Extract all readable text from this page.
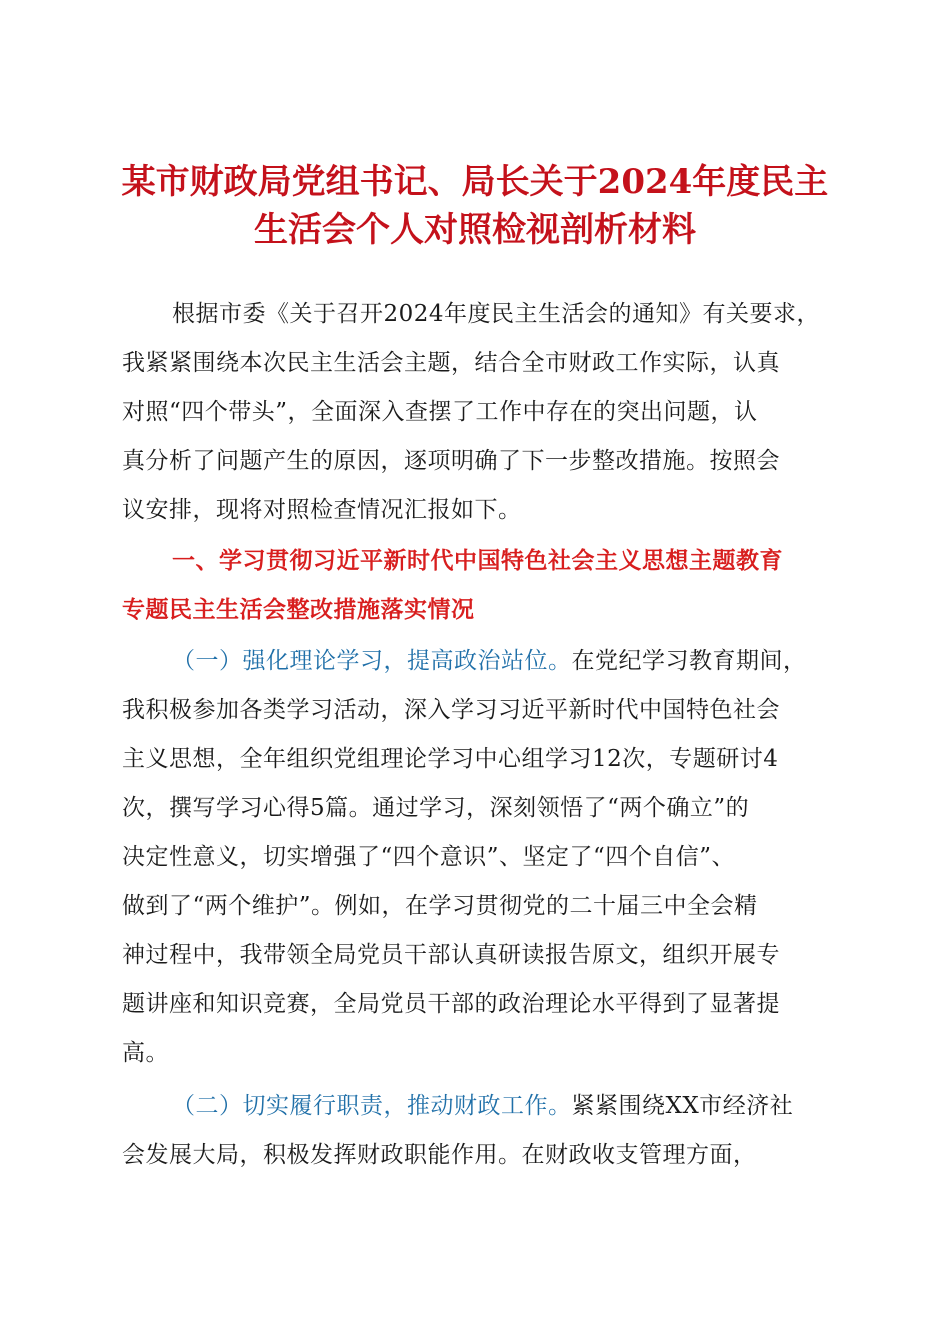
某市财政局党组书记、局长关于2024年度民主
生活会个人对照检视剖析材料
根据市委《关于召开2024年度民主生活会的通知》有关要求，
我紧紧围绕本次民主生活会主题，结合全市财政工作实际，认真
对照“四个带头”，全面深入查摆了工作中存在的突出问题，认
真分析了问题产生的原因，逐项明确了下一步整改措施。按照会
议安排，现将对照检查情况汇报如下。
一、学习贯彻习近平新时代中国特色社会主义思想主题教育
专题民主生活会整改措施落实情况
（一）强化理论学习，提高政治站位。在党纪学习教育期间，
我积极参加各类学习活动，深入学习习近平新时代中国特色社会
主义思想，全年组织党组理论学习中心组学习12次，专题研讨4
次，撰写学习心得5篇。通过学习，深刻领悟了“两个确立”的
决定性意义，切实增强了“四个意识”、坚定了“四个自信”、
做到了“两个维护”。例如，在学习贯彻党的二十届三中全会精
神过程中，我带领全局党员干部认真研读报告原文，组织开展专
题讲座和知识竞赛，全局党员干部的政治理论水平得到了显著提
高。
（二）切实履行职责，推动财政工作。紧紧围绕XX市经济社
会发展大局，积极发挥财政职能作用。在财政收支管理方面，
